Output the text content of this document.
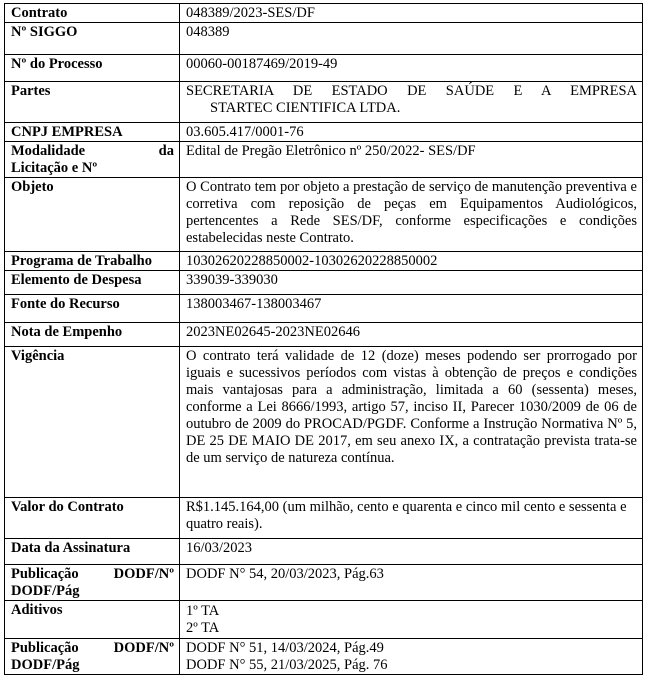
Contrato	048389/2023-SES/DF
Nº SIGGO	048389
Nº do Processo	00060-00187469/2019-49
Partes	SECRETARIA DE ESTADO DE SAÚDE E A EMPRESA
STARTEC CIENTIFICA LTDA.

CNPJ EMPRESA	03.605.417/0001-76

Modalidade da
Licitação e Nº	Edital de Pregão Eletrônico nº 250/2022- SES/DF
Objeto	O Contrato tem por objeto a prestação de serviço de manutenção preventiva e corretiva com reposição de peças em Equipamentos Audiológicos, pertencentes a Rede SES/DF, conforme especificações e condições estabelecidas neste Contrato.
Programa de Trabalho	10302620228850002-10302620228850002
Elemento de Despesa	339039-339030
Fonte do Recurso	138003467-138003467
Nota de Empenho	2023NE02645-2023NE02646
Vigência	O contrato terá validade de 12 (doze) meses podendo ser prorrogado por iguais e sucessivos períodos com vistas à obtenção de preços e condições mais vantajosas para a administração, limitada a 60 (sessenta) meses, conforme a Lei 8666/1993, artigo 57, inciso II, Parecer 1030/2009 de 06 de outubro de 2009 do PROCAD/PGDF. Conforme a Instrução Normativa Nº 5, DE 25 DE MAIO DE 2017, em seu anexo IX, a contratação prevista trata-se de um serviço de natureza contínua.
Valor do Contrato	R$1.145.164,00 (um milhão, cento e quarenta e cinco mil cento e sessenta e quatro reais).
Data da Assinatura	16/03/2023

Publicação DODF/Nº
DODF/Pág	DODF N° 54, 20/03/2023, Pág.63
Aditivos	1º TA
2º TA

Publicação DODF/Nº
DODF/Pág	DODF N° 51, 14/03/2024, Pág.49
DODF N° 55, 21/03/2025, Pág. 76
